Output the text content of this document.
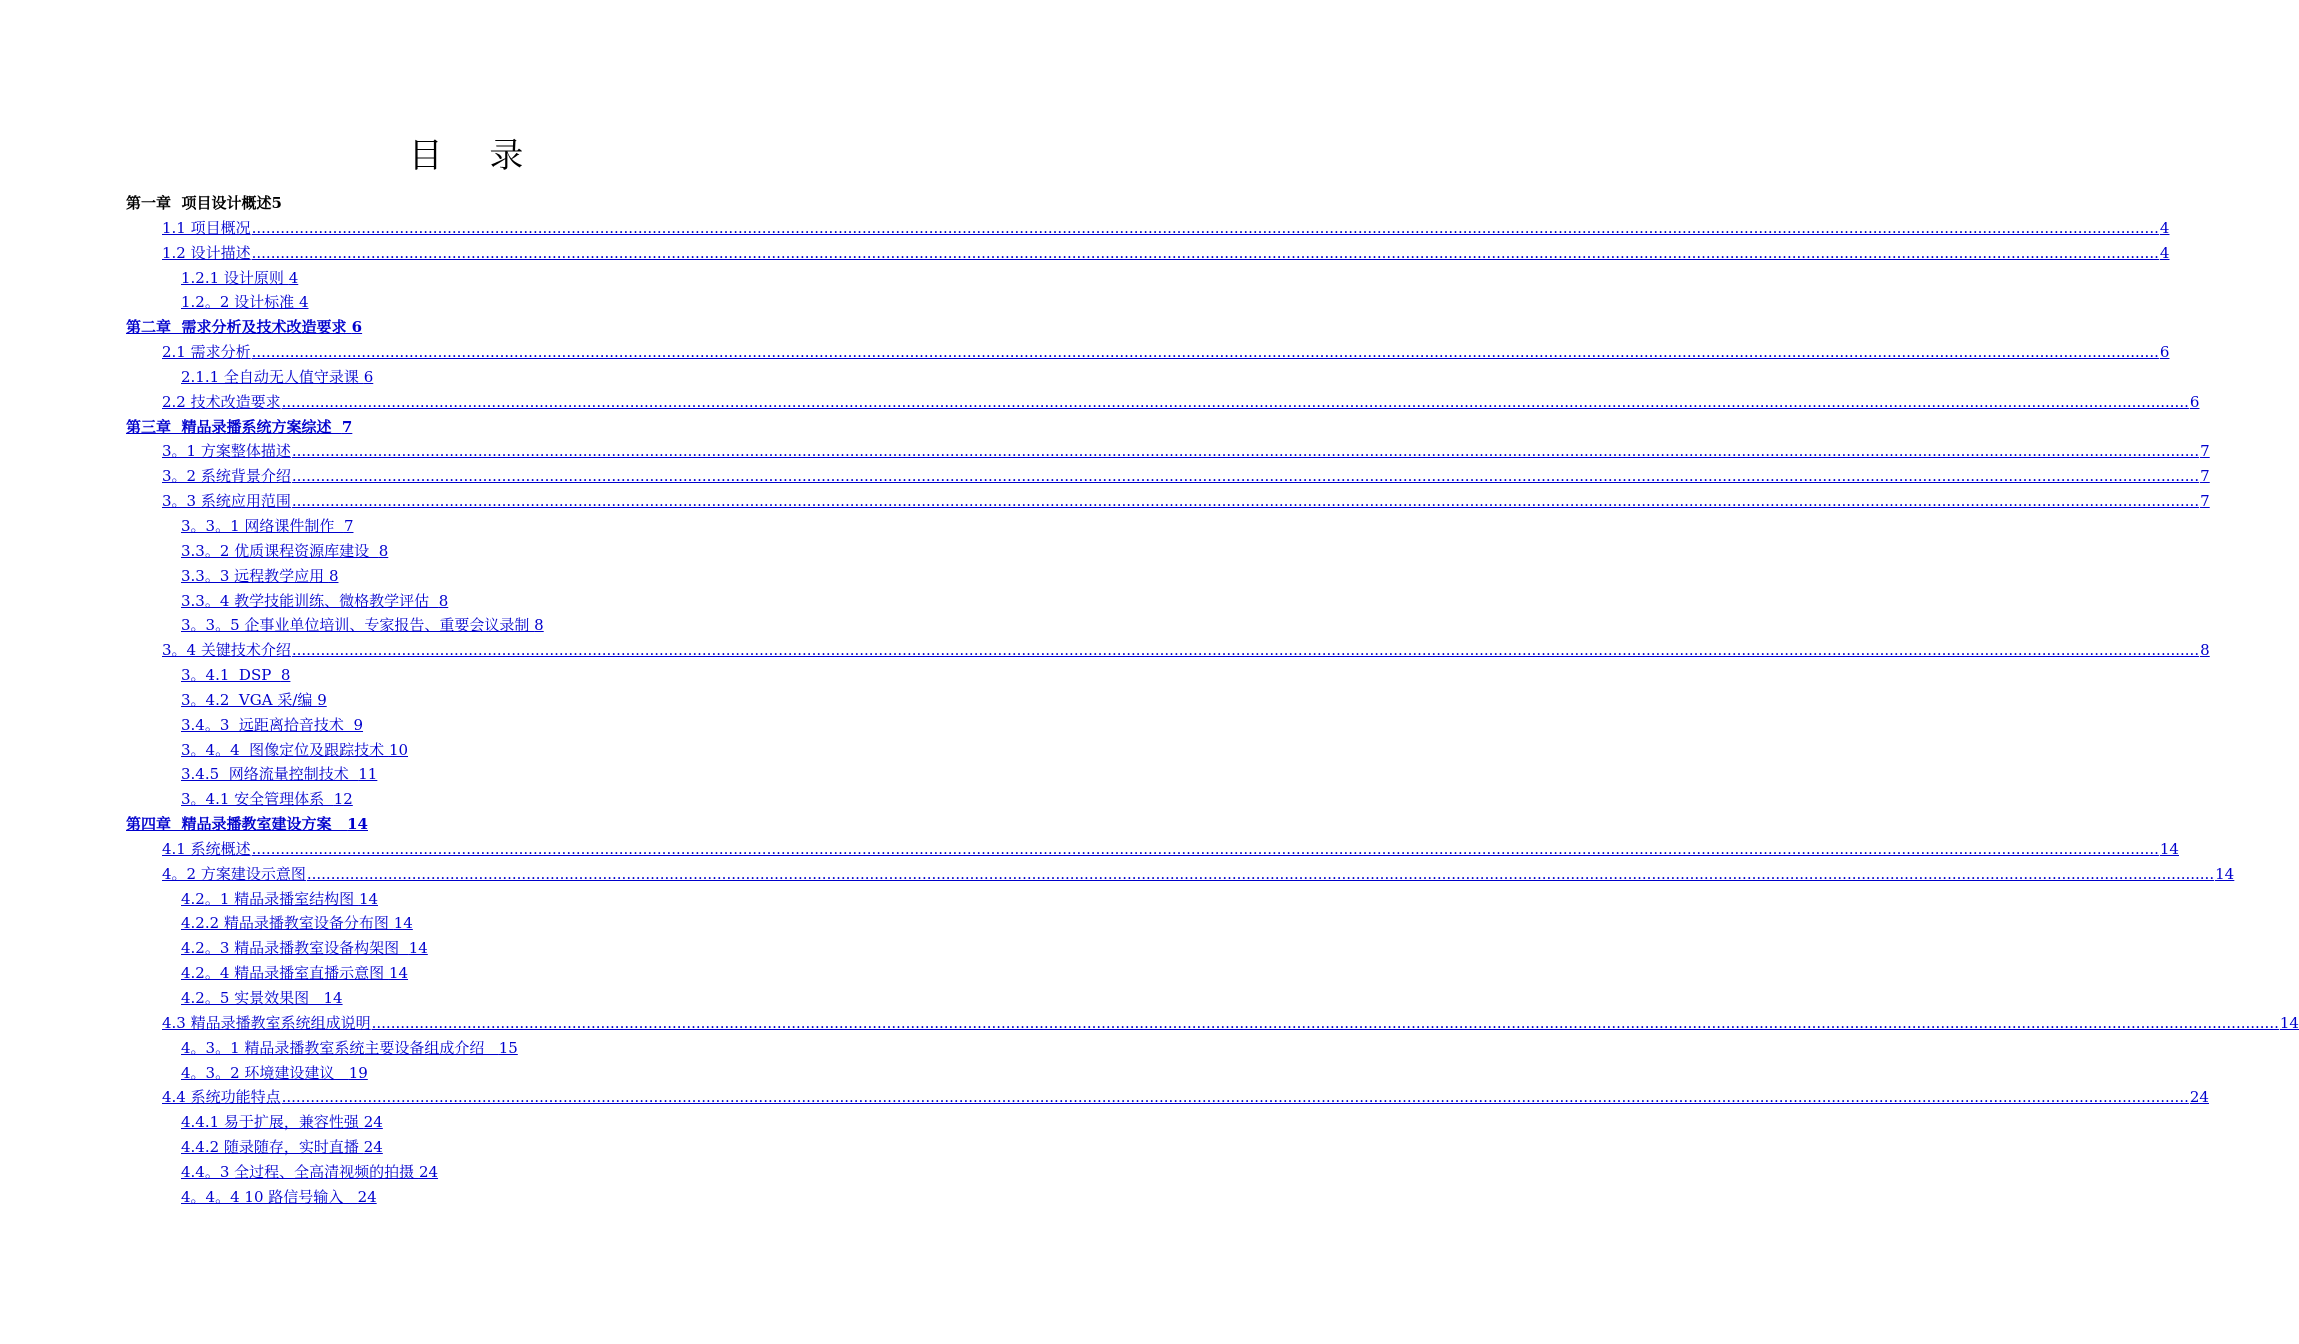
目 录
第一章  项目设计概述5
1.1 项目概况 ................................................................................................................................................................................................................................................................................................................................................................................................................ 4
1.2 设计描述 ................................................................................................................................................................................................................................................................................................................................................................................................................ 4
1.2.1 设计原则 4
1.2。2 设计标准 4
第二章  需求分析及技术改造要求 6
2.1 需求分析 ................................................................................................................................................................................................................................................................................................................................................................................................................ 6
2.1.1 全自动无人值守录课 6
2.2 技术改造要求 ................................................................................................................................................................................................................................................................................................................................................................................................................ 6
第三章  精品录播系统方案综述  7
3。1 方案整体描述 ................................................................................................................................................................................................................................................................................................................................................................................................................ 7
3。2 系统背景介绍 ................................................................................................................................................................................................................................................................................................................................................................................................................ 7
3。3 系统应用范围 ................................................................................................................................................................................................................................................................................................................................................................................................................ 7
3。3。1 网络课件制作  7
3.3。2 优质课程资源库建设  8
3.3。3 远程教学应用 8
3.3。4 教学技能训练、微格教学评估  8
3。3。5 企事业单位培训、专家报告、重要会议录制 8
3。4 关键技术介绍 ................................................................................................................................................................................................................................................................................................................................................................................................................ 8
3。4.1  DSP  8
3。4.2  VGA 采/编 9
3.4。3  远距离拾音技术  9
3。4。4  图像定位及跟踪技术 10
3.4.5  网络流量控制技术  11
3。4.1 安全管理体系  12
第四章  精品录播教室建设方案   14
4.1 系统概述 ................................................................................................................................................................................................................................................................................................................................................................................................................ 14
4。2 方案建设示意图 ................................................................................................................................................................................................................................................................................................................................................................................................................ 14
4.2。1 精品录播室结构图 14
4.2.2 精品录播教室设备分布图 14
4.2。3 精品录播教室设备构架图  14
4.2。4 精品录播室直播示意图 14
4.2。5 实景效果图   14
4.3 精品录播教室系统组成说明 ................................................................................................................................................................................................................................................................................................................................................................................................................ 14
4。3。1 精品录播教室系统主要设备组成介绍   15
4。3。2 环境建设建议   19
4.4 系统功能特点 ................................................................................................................................................................................................................................................................................................................................................................................................................ 24
4.4.1 易于扩展，兼容性强 24
4.4.2 随录随存，实时直播 24
4.4。3 全过程、全高清视频的拍摄 24
4。4。4 10 路信号输入   24
